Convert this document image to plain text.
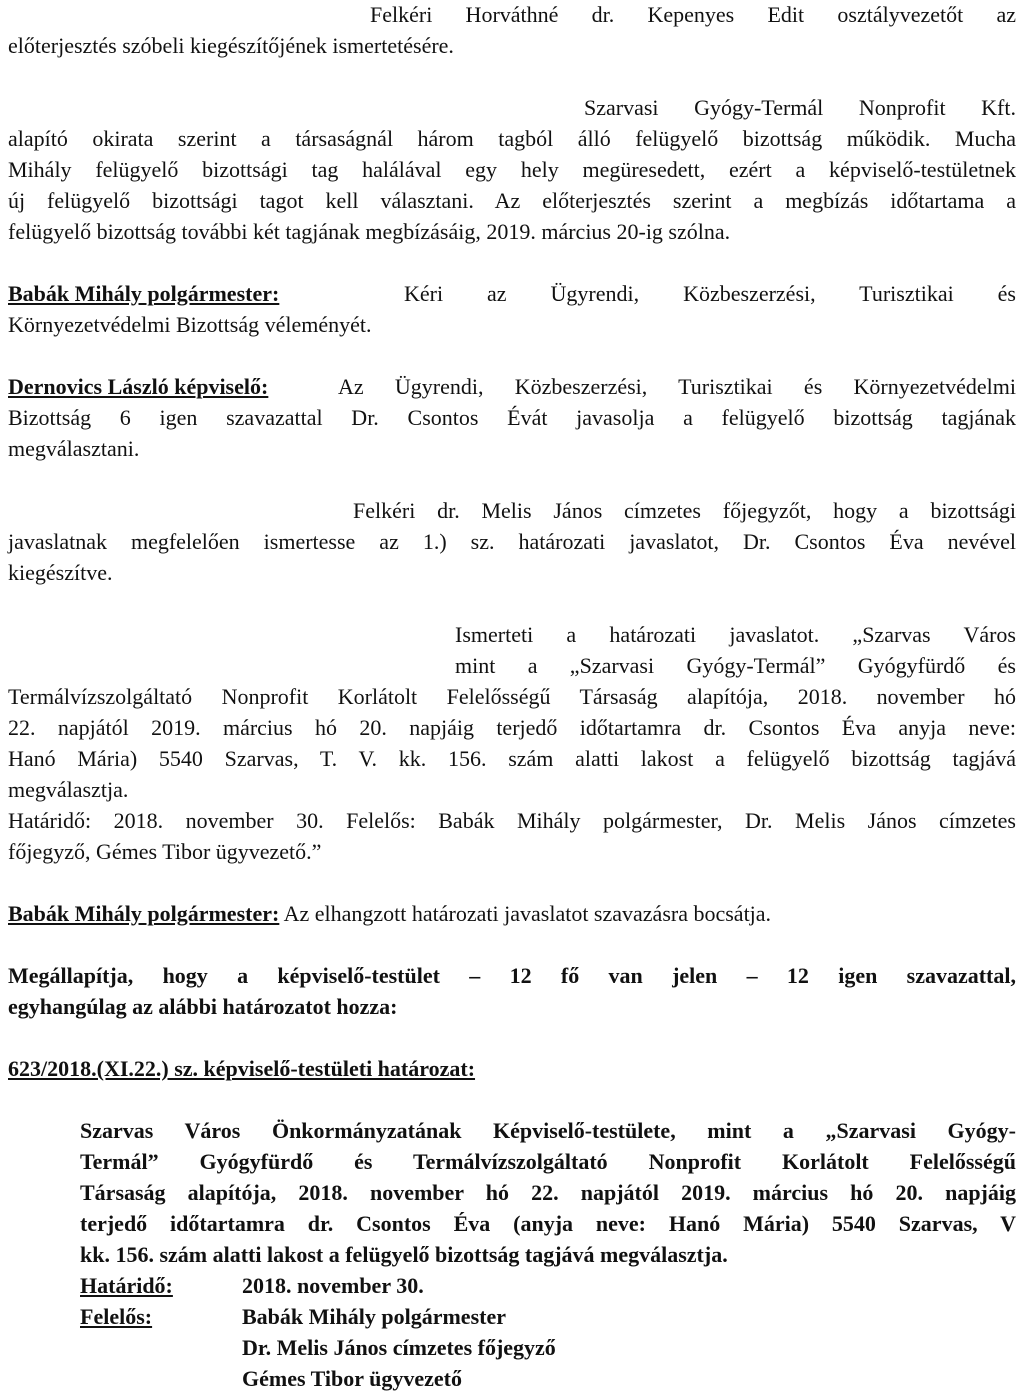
Felkéri Horváthné dr. Kepenyes Edit osztályvezetőt az
előterjesztés szóbeli kiegészítőjének ismertetésére.
Szarvasi Gyógy-Termál Nonprofit Kft.
alapító okirata szerint a társaságnál három tagból álló felügyelő bizottság működik. Mucha
Mihály felügyelő bizottsági tag halálával egy hely megüresedett, ezért a képviselő-testületnek
új felügyelő bizottsági tagot kell választani. Az előterjesztés szerint a megbízás időtartama a
felügyelő bizottság további két tagjának megbízásáig, 2019. március 20-ig szólna.
Babák Mihály polgármester:	Kéri az Ügyrendi, Közbeszerzési, Turisztikai és
Környezetvédelmi Bizottság véleményét.
Dernovics László képviselő:	Az Ügyrendi, Közbeszerzési, Turisztikai és Környezetvédelmi
Bizottság 6 igen szavazattal Dr. Csontos Évát javasolja a felügyelő bizottság tagjának
megválasztani.
Felkéri dr. Melis János címzetes főjegyzőt, hogy a bizottsági
javaslatnak megfelelően ismertesse az 1.) sz. határozati javaslatot, Dr. Csontos Éva nevével
kiegészítve.
Ismerteti a határozati javaslatot. „Szarvas Város
mint a „Szarvasi Gyógy-Termál” Gyógyfürdő és
Termálvízszolgáltató Nonprofit Korlátolt Felelősségű Társaság alapítója, 2018. november hó
22. napjától 2019. március hó 20. napjáig terjedő időtartamra dr. Csontos Éva anyja neve:
Hanó Mária) 5540 Szarvas, T. V. kk. 156. szám alatti lakost a felügyelő bizottság tagjává
megválasztja.
Határidő: 2018. november 30. Felelős: Babák Mihály polgármester, Dr. Melis János címzetes
főjegyző, Gémes Tibor ügyvezető.”
Babák Mihály polgármester: Az elhangzott határozati javaslatot szavazásra bocsátja.
Megállapítja, hogy a képviselő-testület – 12 fő van jelen – 12 igen szavazattal,
egyhangúlag az alábbi határozatot hozza:
623/2018.(XI.22.) sz. képviselő-testületi határozat:
Szarvas Város Önkormányzatának Képviselő-testülete, mint a „Szarvasi Gyógy-
Termál” Gyógyfürdő és Termálvízszolgáltató Nonprofit Korlátolt Felelősségű
Társaság alapítója, 2018. november hó 22. napjától 2019. március hó 20. napjáig
terjedő időtartamra dr. Csontos Éva (anyja neve: Hanó Mária) 5540 Szarvas, V
kk. 156. szám alatti lakost a felügyelő bizottság tagjává megválasztja.
Határidő:	2018. november 30.
Felelős:	Babák Mihály polgármester
Dr. Melis János címzetes főjegyző
Gémes Tibor ügyvezető
